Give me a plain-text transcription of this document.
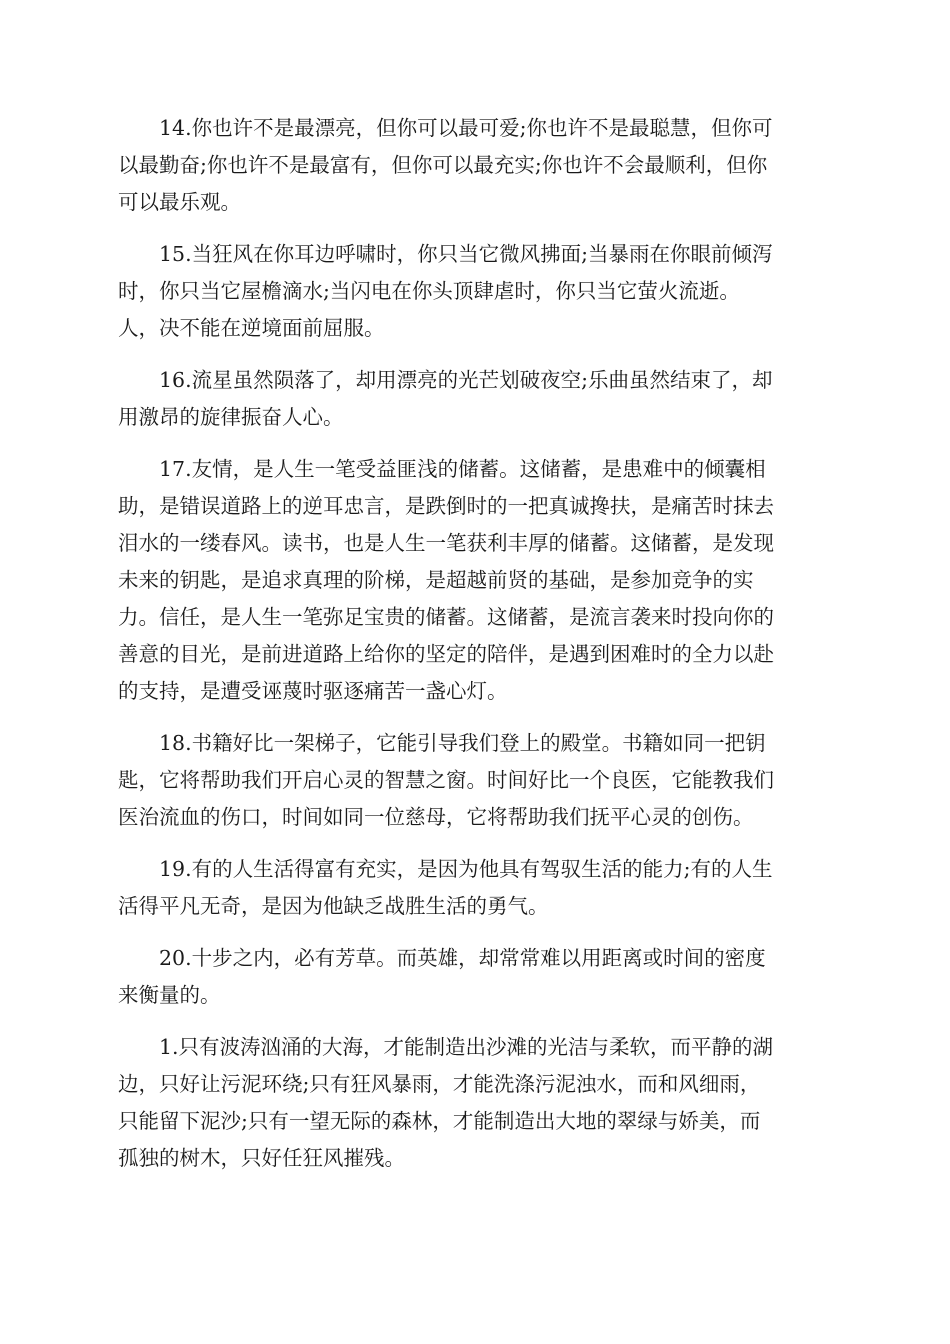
14.你也许不是最漂亮，但你可以最可爱;你也许不是最聪慧，但你可
以最勤奋;你也许不是最富有，但你可以最充实;你也许不会最顺利，但你
可以最乐观。
15.当狂风在你耳边呼啸时，你只当它微风拂面;当暴雨在你眼前倾泻
时，你只当它屋檐滴水;当闪电在你头顶肆虐时，你只当它萤火流逝。
人，决不能在逆境面前屈服。
16.流星虽然陨落了，却用漂亮的光芒划破夜空;乐曲虽然结束了，却
用激昂的旋律振奋人心。
17.友情，是人生一笔受益匪浅的储蓄。这储蓄，是患难中的倾囊相
助，是错误道路上的逆耳忠言，是跌倒时的一把真诚搀扶，是痛苦时抹去
泪水的一缕春风。读书，也是人生一笔获利丰厚的储蓄。这储蓄，是发现
未来的钥匙，是追求真理的阶梯，是超越前贤的基础，是参加竞争的实
力。信任，是人生一笔弥足宝贵的储蓄。这储蓄，是流言袭来时投向你的
善意的目光，是前进道路上给你的坚定的陪伴，是遇到困难时的全力以赴
的支持，是遭受诬蔑时驱逐痛苦一盏心灯。
18.书籍好比一架梯子，它能引导我们登上的殿堂。书籍如同一把钥
匙，它将帮助我们开启心灵的智慧之窗。时间好比一个良医，它能教我们
医治流血的伤口，时间如同一位慈母，它将帮助我们抚平心灵的创伤。
19.有的人生活得富有充实，是因为他具有驾驭生活的能力;有的人生
活得平凡无奇，是因为他缺乏战胜生活的勇气。
20.十步之内，必有芳草。而英雄，却常常难以用距离或时间的密度
来衡量的。
1.只有波涛汹涌的大海，才能制造出沙滩的光洁与柔软，而平静的湖
边，只好让污泥环绕;只有狂风暴雨，才能洗涤污泥浊水，而和风细雨，
只能留下泥沙;只有一望无际的森林，才能制造出大地的翠绿与娇美，而
孤独的树木，只好任狂风摧残。
